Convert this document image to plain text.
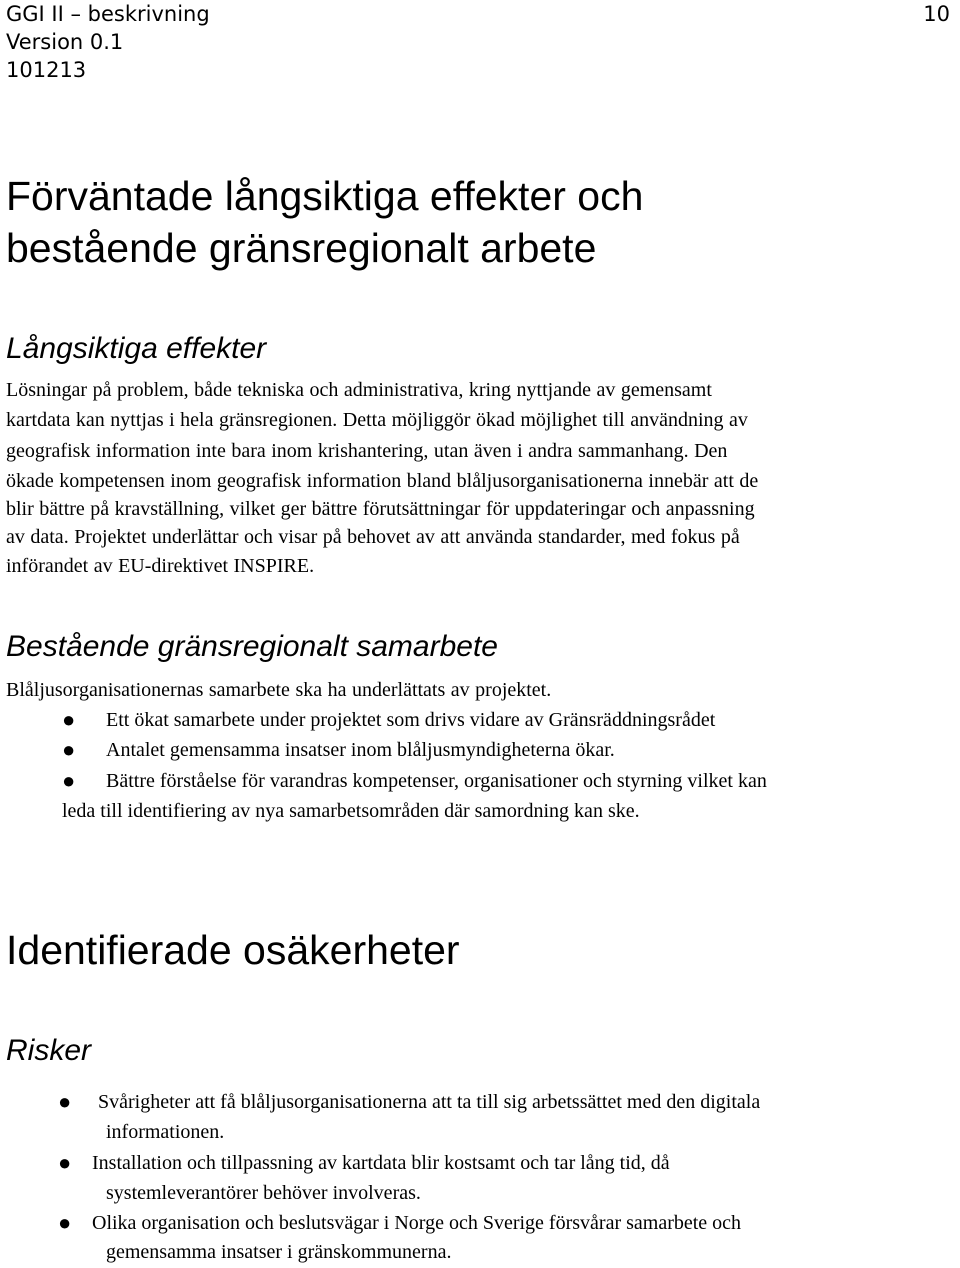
GGI II – beskrivning
Version 0.1
101213
10
Förväntade långsiktiga effekter och
bestående gränsregionalt arbete
Långsiktiga effekter
Lösningar på problem, både tekniska och administrativa, kring nyttjande av gemensamt
kartdata kan nyttjas i hela gränsregionen. Detta möjliggör ökad möjlighet till användning av
geografisk information inte bara inom krishantering, utan även i andra sammanhang. Den
ökade kompetensen inom geografisk information bland blåljusorganisationerna innebär att de
blir bättre på kravställning, vilket ger bättre förutsättningar för uppdateringar och anpassning
av data. Projektet underlättar och visar på behovet av att använda standarder, med fokus på
införandet av EU-direktivet INSPIRE.
Bestående gränsregionalt samarbete
Blåljusorganisationernas samarbete ska ha underlättats av projektet.
● Ett ökat samarbete under projektet som drivs vidare av Gränsräddningsrådet
● Antalet gemensamma insatser inom blåljusmyndigheterna ökar.
● Bättre förståelse för varandras kompetenser, organisationer och styrning vilket kan
leda till identifiering av nya samarbetsområden där samordning kan ske.
Identifierade osäkerheter
Risker
● Svårigheter att få blåljusorganisationerna att ta till sig arbetssättet med den digitala
informationen.
● Installation och tillpassning av kartdata blir kostsamt och tar lång tid, då
systemleverantörer behöver involveras.
● Olika organisation och beslutsvägar i Norge och Sverige försvårar samarbete och
gemensamma insatser i gränskommunerna.
